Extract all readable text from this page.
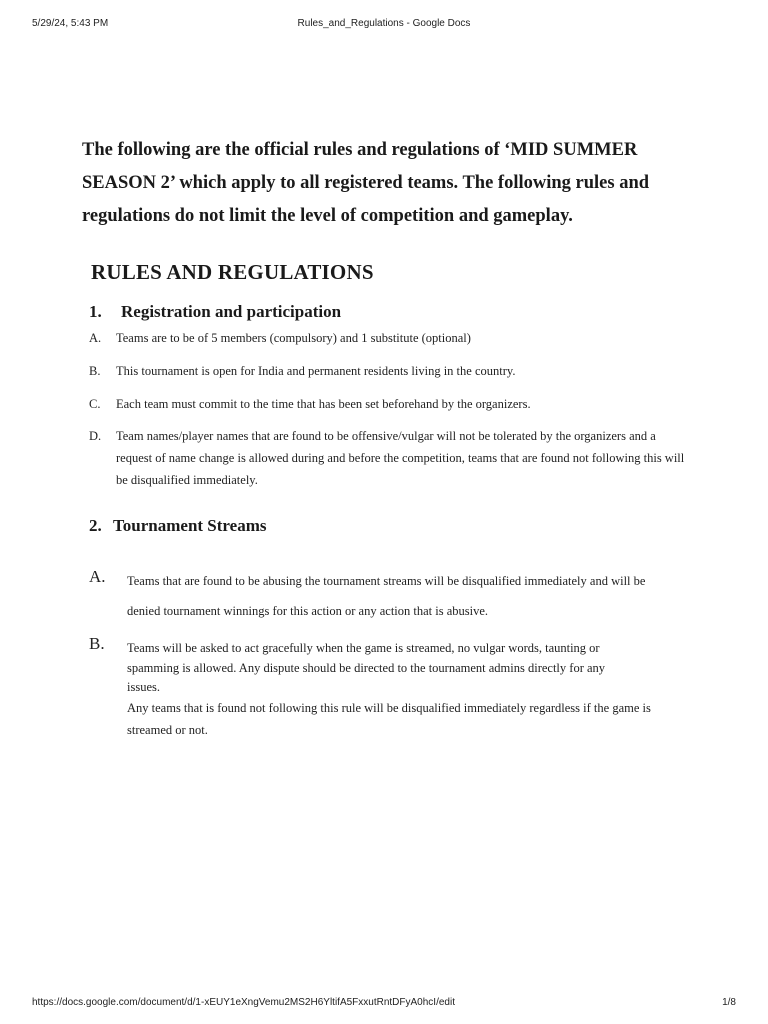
5/29/24, 5:43 PM	Rules_and_Regulations - Google Docs

The following are the official rules and regulations of ‘MID SUMMER SEASON 2’ which apply to all registered teams. The following rules and regulations do not limit the level of competition and gameplay.

RULES AND REGULATIONS
1. Registration and participation
A. Teams are to be of 5 members (compulsory) and 1 substitute (optional)
B. This tournament is open for India and permanent residents living in the country.
C. Each team must commit to the time that has been set beforehand by the organizers.
D. Team names/player names that are found to be offensive/vulgar will not be tolerated by the organizers and a request of name change is allowed during and before the competition, teams that are found not following this will be disqualified immediately.
2. Tournament Streams
A. Teams that are found to be abusing the tournament streams will be disqualified immediately and will be
denied tournament winnings for this action or any action that is abusive.
B. Teams will be asked to act gracefully when the game is streamed, no vulgar words, taunting or
spamming is allowed. Any dispute should be directed to the tournament admins directly for any
issues.
Any teams that is found not following this rule will be disqualified immediately regardless if the game is
streamed or not.
https://docs.google.com/document/d/1-xEUY1eXngVemu2MS2H6YltifA5FxxutRntDFyA0hcI/edit	1/8
